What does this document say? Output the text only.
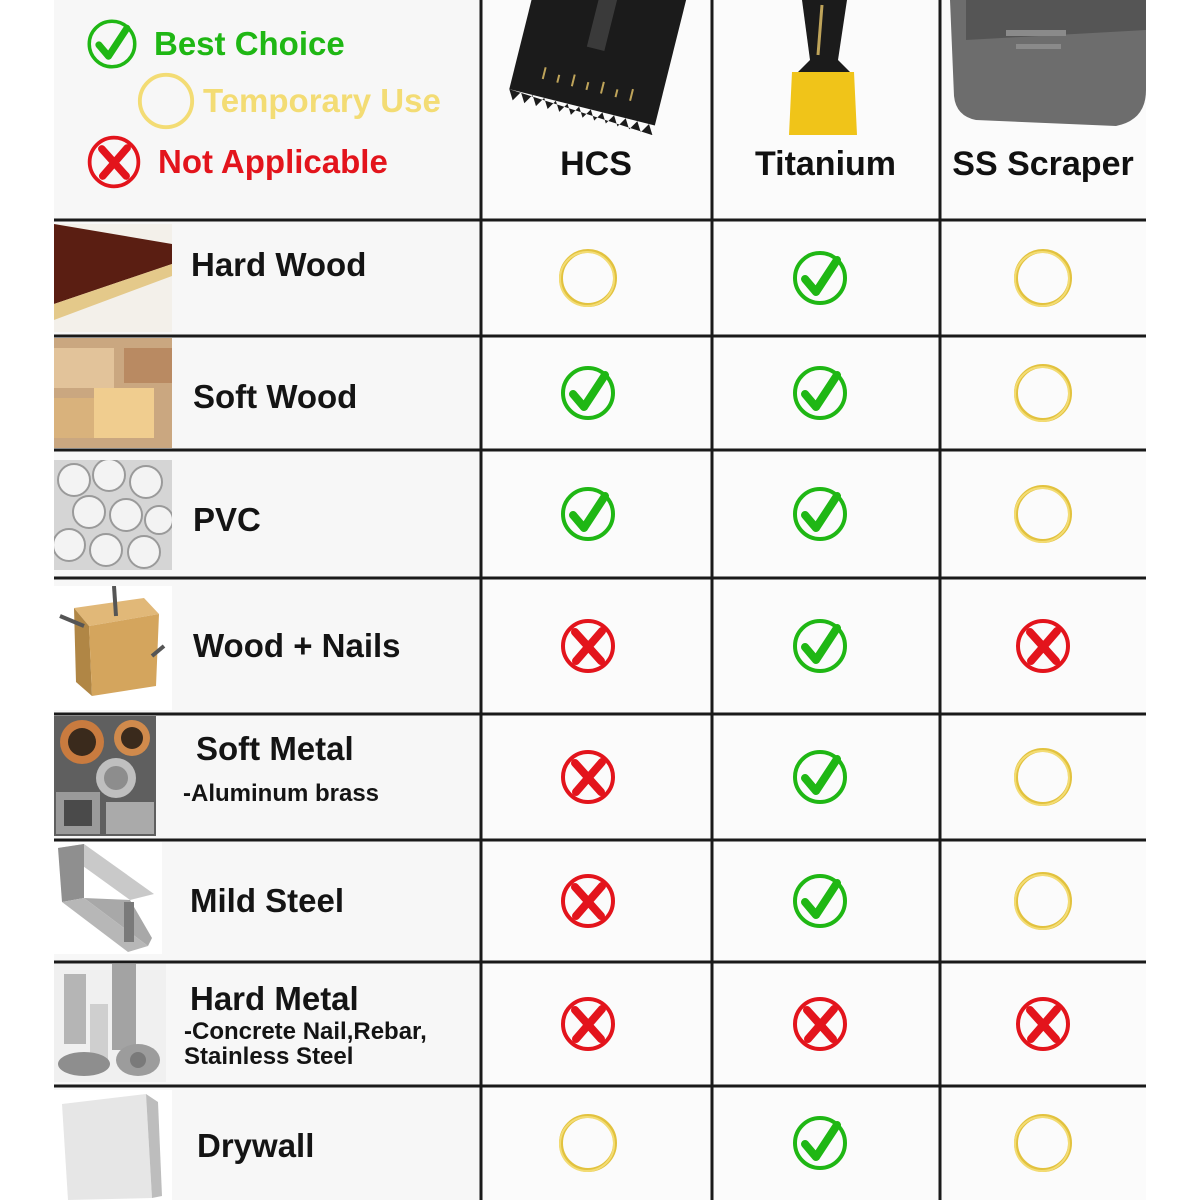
Best Choice
Temporary Use
Not Applicable	HCS	Titanium SS Scraper
Hard Wood
Soft Wood
PVC
Wood + Nails
Soft Metal
-Aluminum brass
Mild Steel
Hard Metal
-Concrete Nail,Rebar,
Stainless Steel
Drywall
